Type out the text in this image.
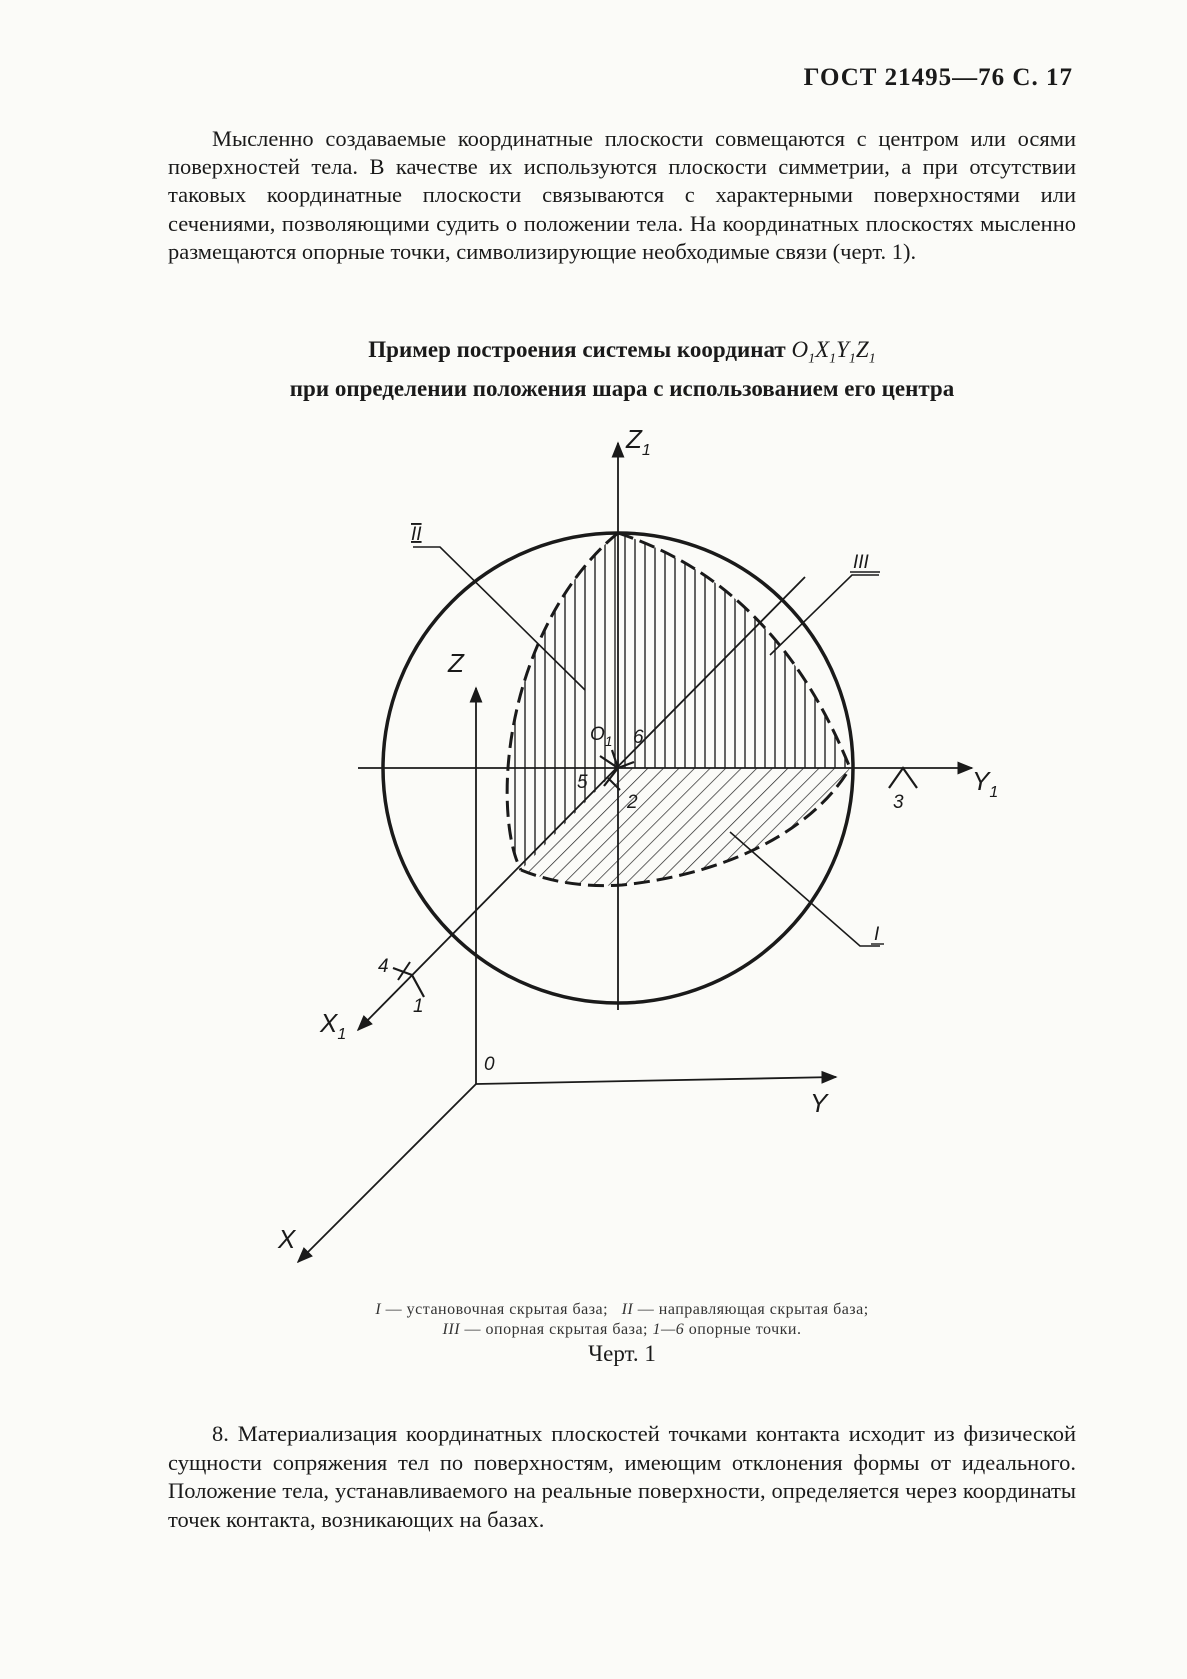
ГОСТ 21495—76 С. 17
Мысленно создаваемые координатные плоскости совмещаются с центром или осями поверхностей тела. В качестве их используются плоскости симметрии, а при отсутствии таковых координатные плоскости связываются с характерными поверхностями или сечениями, позволяющими судить о положении тела. На координатных плоскостях мысленно размещаются опорные точки, символизирующие необходимые связи (черт. 1).
Пример построения системы координат $O_1X_1Y_1Z_1$
при определении положения шара с использованием его центра
$Z_1$
Z
$Y_1$
$X_1$
$O_1$
0
Y
X
II
III
I
6
5
2	3
4
1
I — установочная скрытая база; II — направляющая скрытая база;
III — опорная скрытая база; 1—6 опорные точки.
Черт. 1
8. Материализация координатных плоскостей точками контакта исходит из физической сущности сопряжения тел по поверхностям, имеющим отклонения формы от идеального. Положение тела, устанавливаемого на реальные поверхности, определяется через координаты точек контакта, возникающих на базах.
